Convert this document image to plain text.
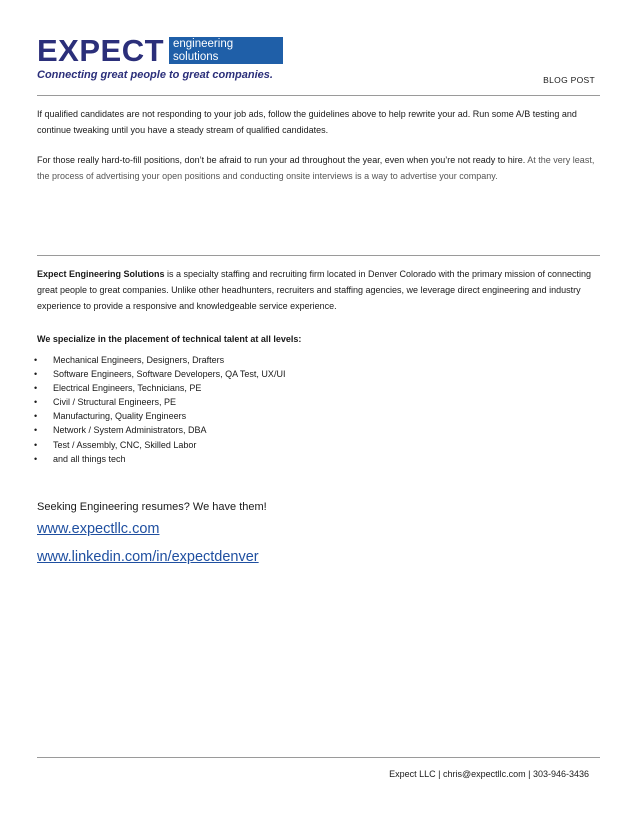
EXPECT engineering
solutions
Connecting great people to great companies.	BLOG POST
If qualified candidates are not responding to your job ads, follow the guidelines above to help rewrite your ad. Run some A/B testing and continue tweaking until you have a steady stream of qualified candidates.
For those really hard-to-fill positions, don’t be afraid to run your ad throughout the year, even when you’re not ready to hire. At the very least, the process of advertising your open positions and conducting onsite interviews is a way to advertise your company.
Expect Engineering Solutions is a specialty staffing and recruiting firm located in Denver Colorado with the primary mission of connecting great people to great companies. Unlike other headhunters, recruiters and staffing agencies, we leverage direct engineering and industry experience to provide a responsive and knowledgeable service experience.
We specialize in the placement of technical talent at all levels:
• Mechanical Engineers, Designers, Drafters
• Software Engineers, Software Developers, QA Test, UX/UI
• Electrical Engineers, Technicians, PE
• Civil / Structural Engineers, PE
• Manufacturing, Quality Engineers
• Network / System Administrators, DBA
• Test / Assembly, CNC, Skilled Labor
• and all things tech
Seeking Engineering resumes? We have them!
www.expectllc.com
www.linkedin.com/in/expectdenver
Expect LLC | chris@expectllc.com | 303-946-3436
